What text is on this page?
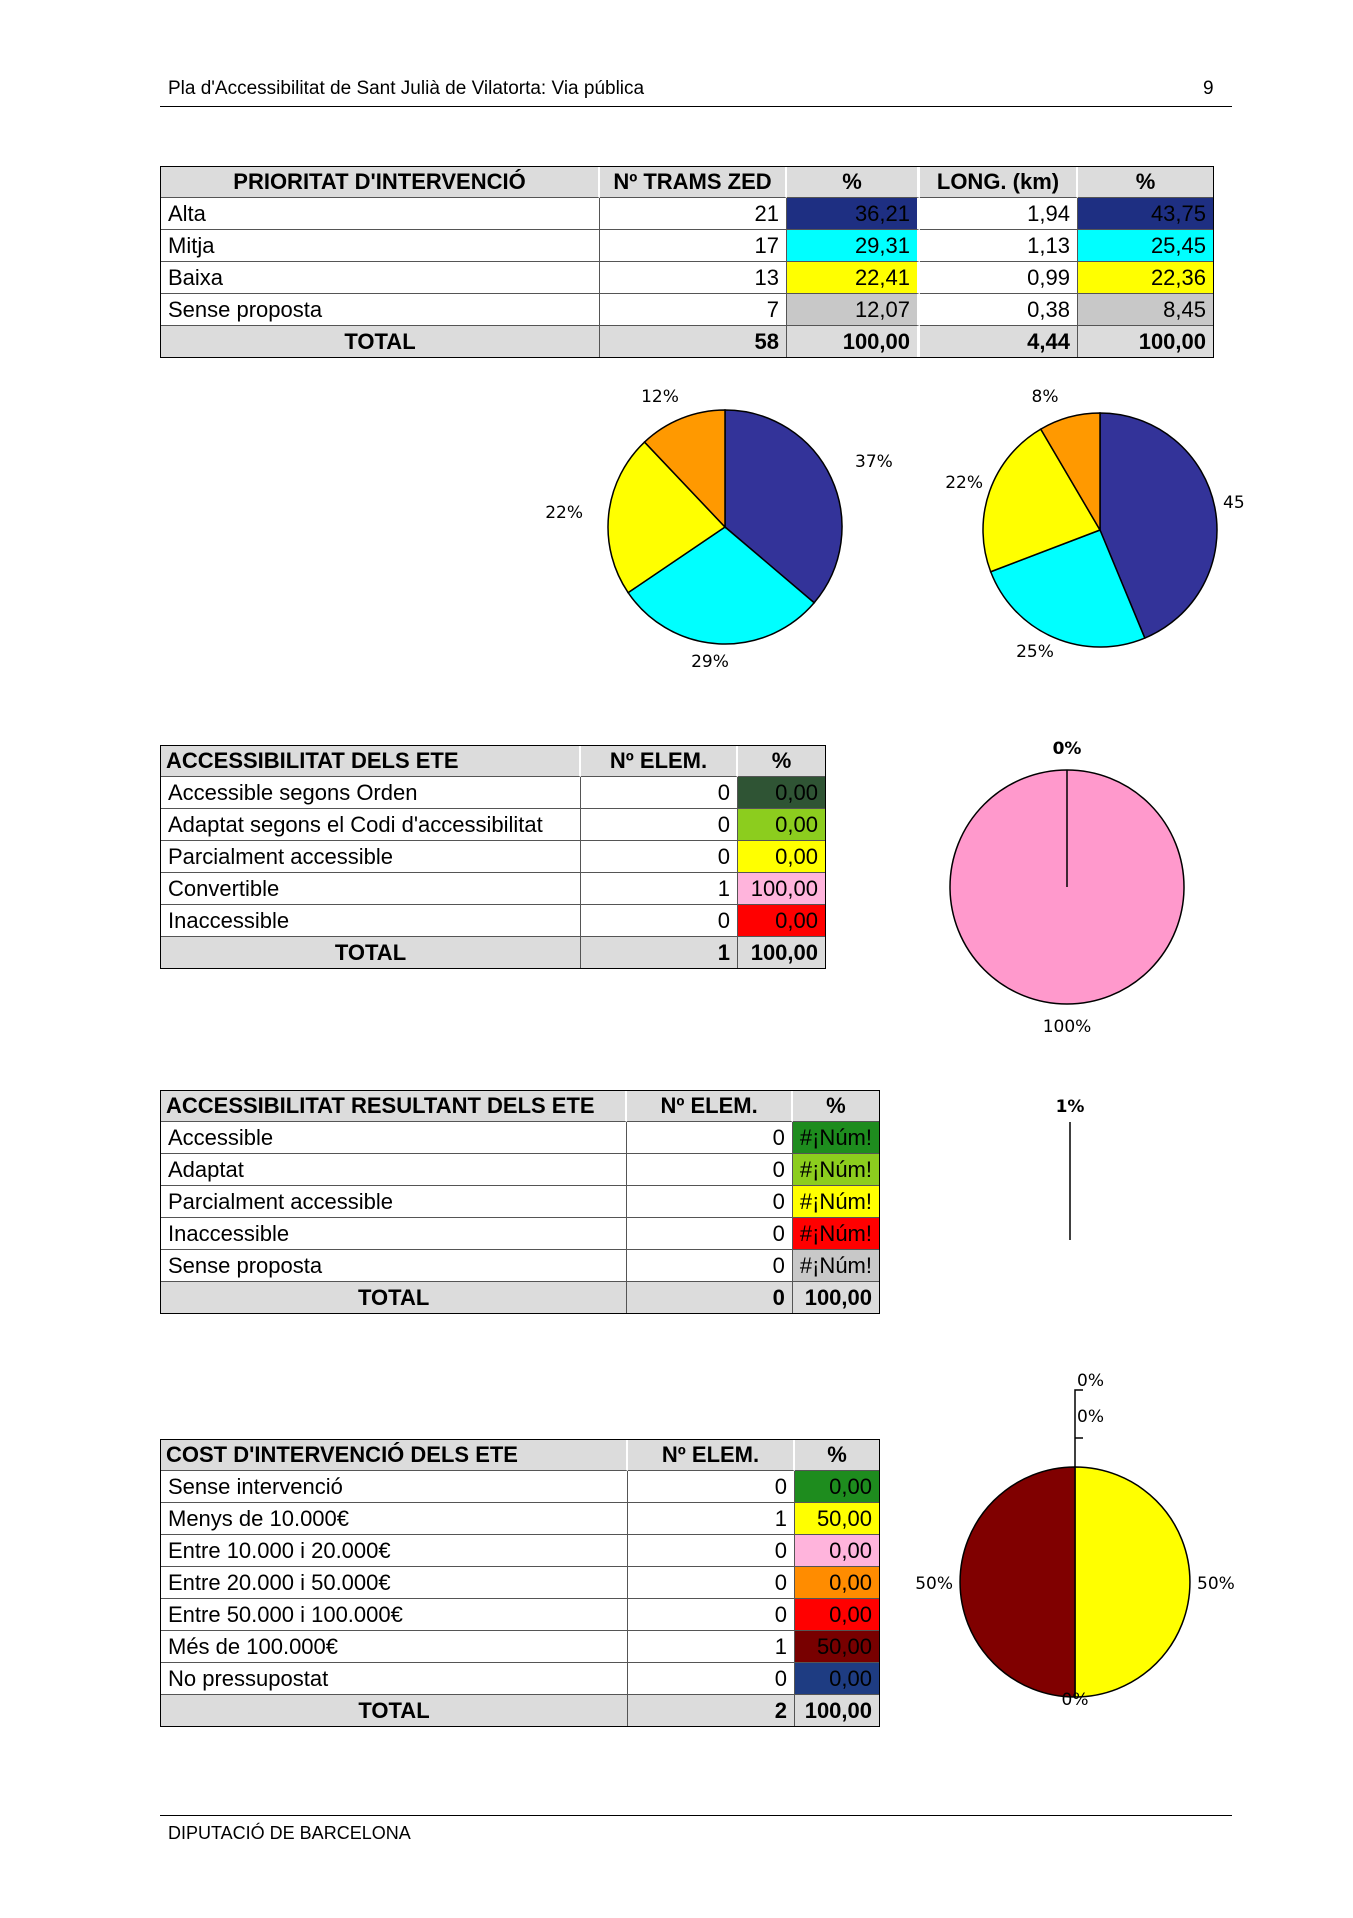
Pla d'Accessibilitat de Sant Julià de Vilatorta: Via pública	9
PRIORITAT D'INTERVENCIÓ	Nº TRAMS ZED	%	LONG. (km)	%
Alta	21	36,21	1,94	43,75
Mitja	17	29,31	1,13	25,45
Baixa	13	22,41	0,99	22,36
Sense proposta	7	12,07	0,38	8,45
TOTAL	58	100,00	4,44	100,00
ACCESSIBILITAT DELS ETE	Nº ELEM.	%
Accessible segons Orden	0	0,00
Adaptat segons el Codi d'accessibilitat	0	0,00
Parcialment accessible	0	0,00
Convertible	1	100,00
Inaccessible	0	0,00
TOTAL	1	100,00
ACCESSIBILITAT RESULTANT DELS ETE	Nº ELEM.	%
Accessible	0	#¡Núm!
Adaptat	0	#¡Núm!
Parcialment accessible	0	#¡Núm!
Inaccessible	0	#¡Núm!
Sense proposta	0	#¡Núm!
TOTAL	0	100,00
COST D'INTERVENCIÓ DELS ETE	Nº ELEM.	%
Sense intervenció	0	0,00
Menys de 10.000€	1	50,00
Entre 10.000 i 20.000€	0	0,00
Entre 20.000 i 50.000€	0	0,00
Entre 50.000 i 100.000€	0	0,00
Més de 100.000€	1	50,00
No pressupostat	0	0,00
TOTAL	2	100,00
37%
29%
22%
12%
45
25%
22%
8%
100%
0%
1%
50%
0%
50%
0%
0%
DIPUTACIÓ DE BARCELONA
